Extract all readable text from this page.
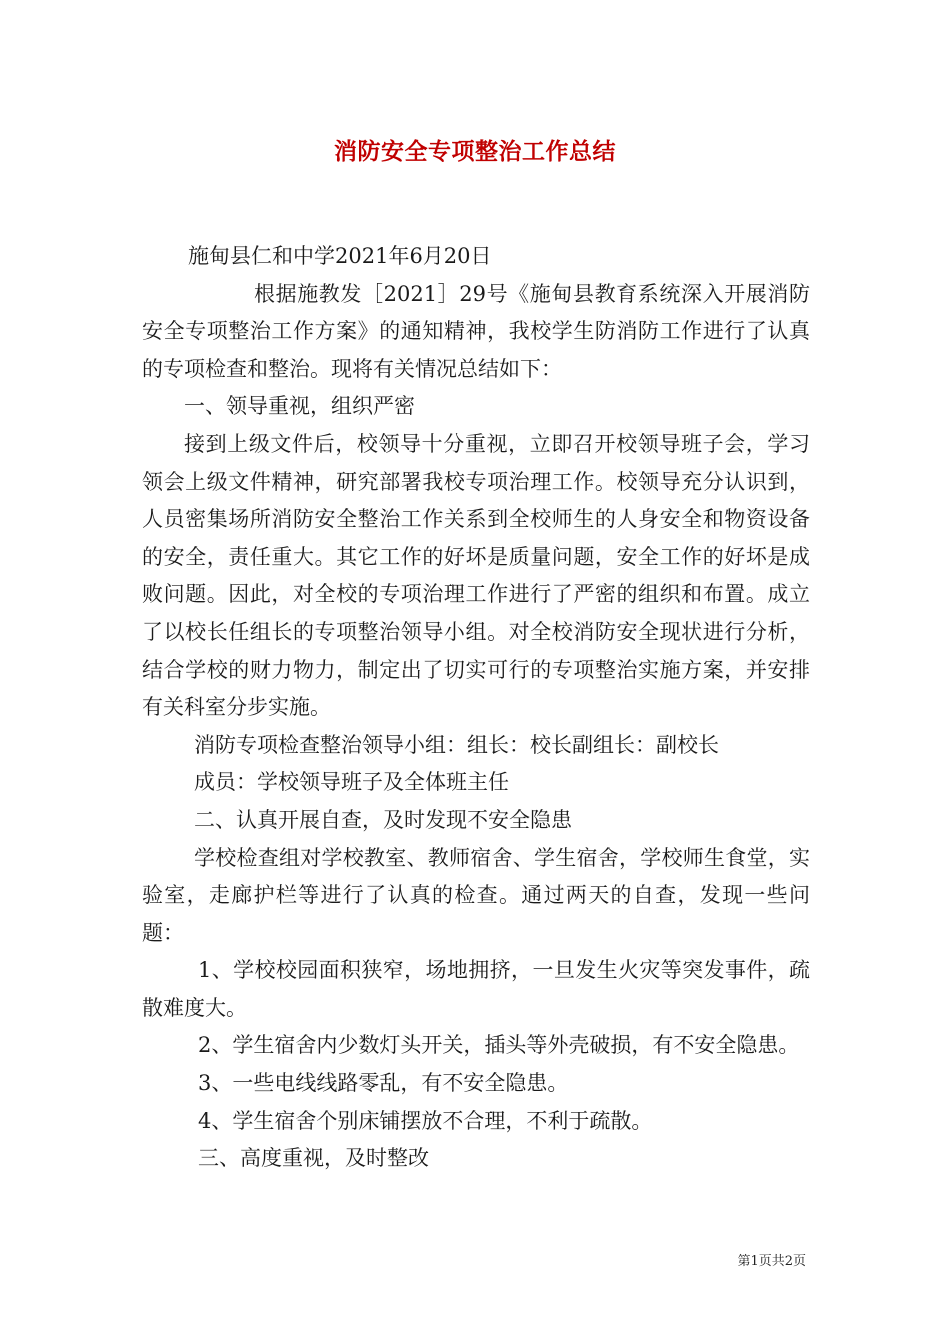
消防安全专项整治工作总结

施甸县仁和中学2021年6月20日

根据施教发［2021］29号《施甸县教育系统深入开展消防安全专项整治工作方案》的通知精神，我校学生防消防工作进行了认真的专项检查和整治。现将有关情况总结如下：

一、领导重视，组织严密

接到上级文件后，校领导十分重视，立即召开校领导班子会，学习领会上级文件精神，研究部署我校专项治理工作。校领导充分认识到，人员密集场所消防安全整治工作关系到全校师生的人身安全和物资设备的安全，责任重大。其它工作的好坏是质量问题，安全工作的好坏是成败问题。因此，对全校的专项治理工作进行了严密的组织和布置。成立了以校长任组长的专项整治领导小组。对全校消防安全现状进行分析，结合学校的财力物力，制定出了切实可行的专项整治实施方案，并安排有关科室分步实施。

消防专项检查整治领导小组：组长：校长副组长：副校长

成员：学校领导班子及全体班主任

二、认真开展自查，及时发现不安全隐患

学校检查组对学校教室、教师宿舍、学生宿舍，学校师生食堂，实验室，走廊护栏等进行了认真的检查。通过两天的自查，发现一些问题：

1、学校校园面积狭窄，场地拥挤，一旦发生火灾等突发事件，疏散难度大。

2、学生宿舍内少数灯头开关，插头等外壳破损，有不安全隐患。

3、一些电线线路零乱，有不安全隐患。

4、学生宿舍个别床铺摆放不合理，不利于疏散。

三、高度重视，及时整改

第1页共2页
